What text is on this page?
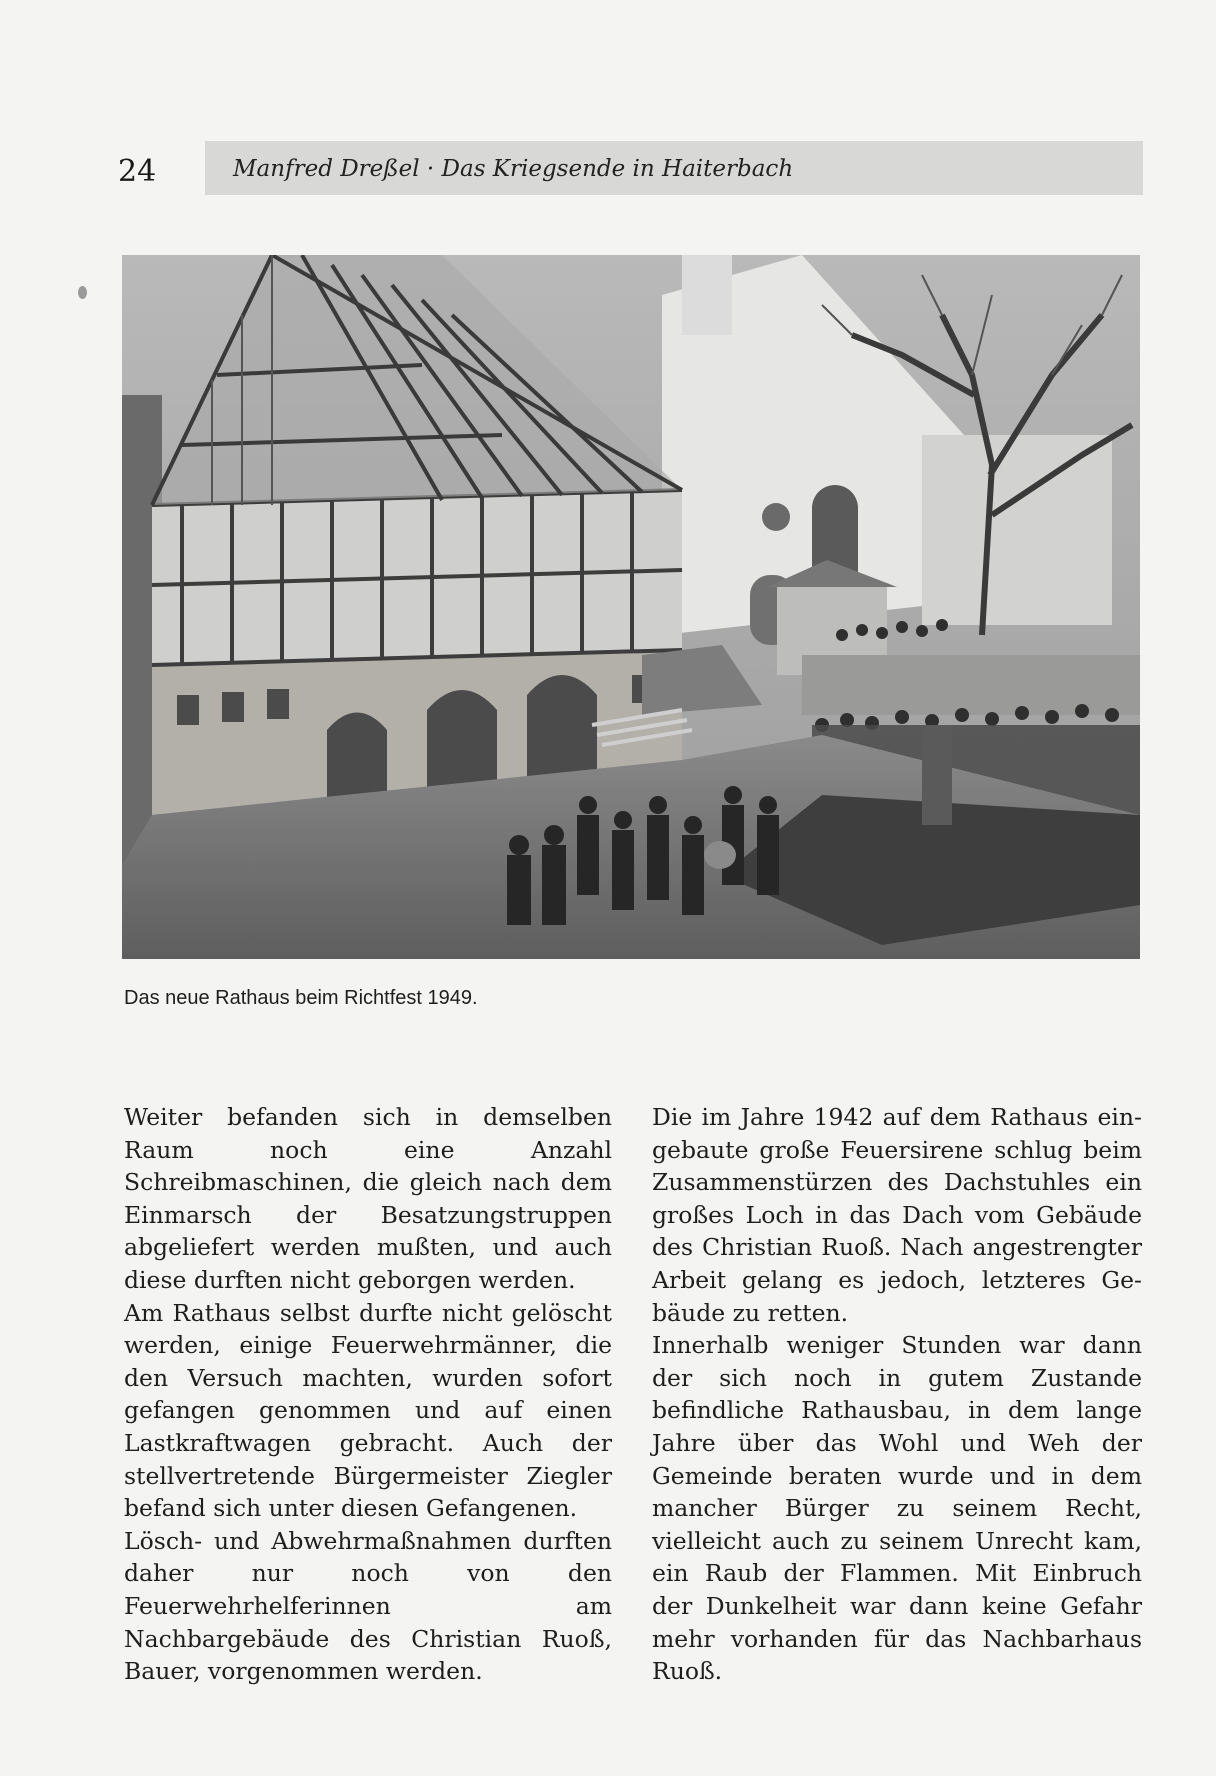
24	Manfred Dreßel · Das Kriegsende in Haiterbach
Das neue Rathaus beim Richtfest 1949.

Weiter befanden sich in demselben Raum noch eine Anzahl Schreibmaschinen, die gleich nach dem Einmarsch der Besatzungstruppen abgeliefert werden mußten, und auch diese durften nicht geborgen werden.

Am Rathaus selbst durfte nicht gelöscht werden, einige Feuerwehrmänner, die den Versuch machten, wurden sofort gefangen genommen und auf einen Lastkraftwagen gebracht. Auch der stellvertretende Bürgermeister Ziegler befand sich unter diesen Gefangenen.

Lösch- und Abwehrmaßnahmen durften daher nur noch von den Feuerwehrhelferinnen am Nachbargebäude des Christian Ruoß, Bauer, vorgenommen werden.

Die im Jahre 1942 auf dem Rathaus eingebaute große Feuersirene schlug beim Zusammenstürzen des Dachstuhles ein großes Loch in das Dach vom Gebäude des Christian Ruoß. Nach angestrengter Arbeit gelang es jedoch, letzteres Gebäude zu retten.

Innerhalb weniger Stunden war dann der sich noch in gutem Zustande befindliche Rathausbau, in dem lange Jahre über das Wohl und Weh der Gemeinde beraten wurde und in dem mancher Bürger zu seinem Recht, vielleicht auch zu seinem Unrecht kam, ein Raub der Flammen. Mit Einbruch der Dunkelheit war dann keine Gefahr mehr vorhanden für das Nachbarhaus Ruoß.
